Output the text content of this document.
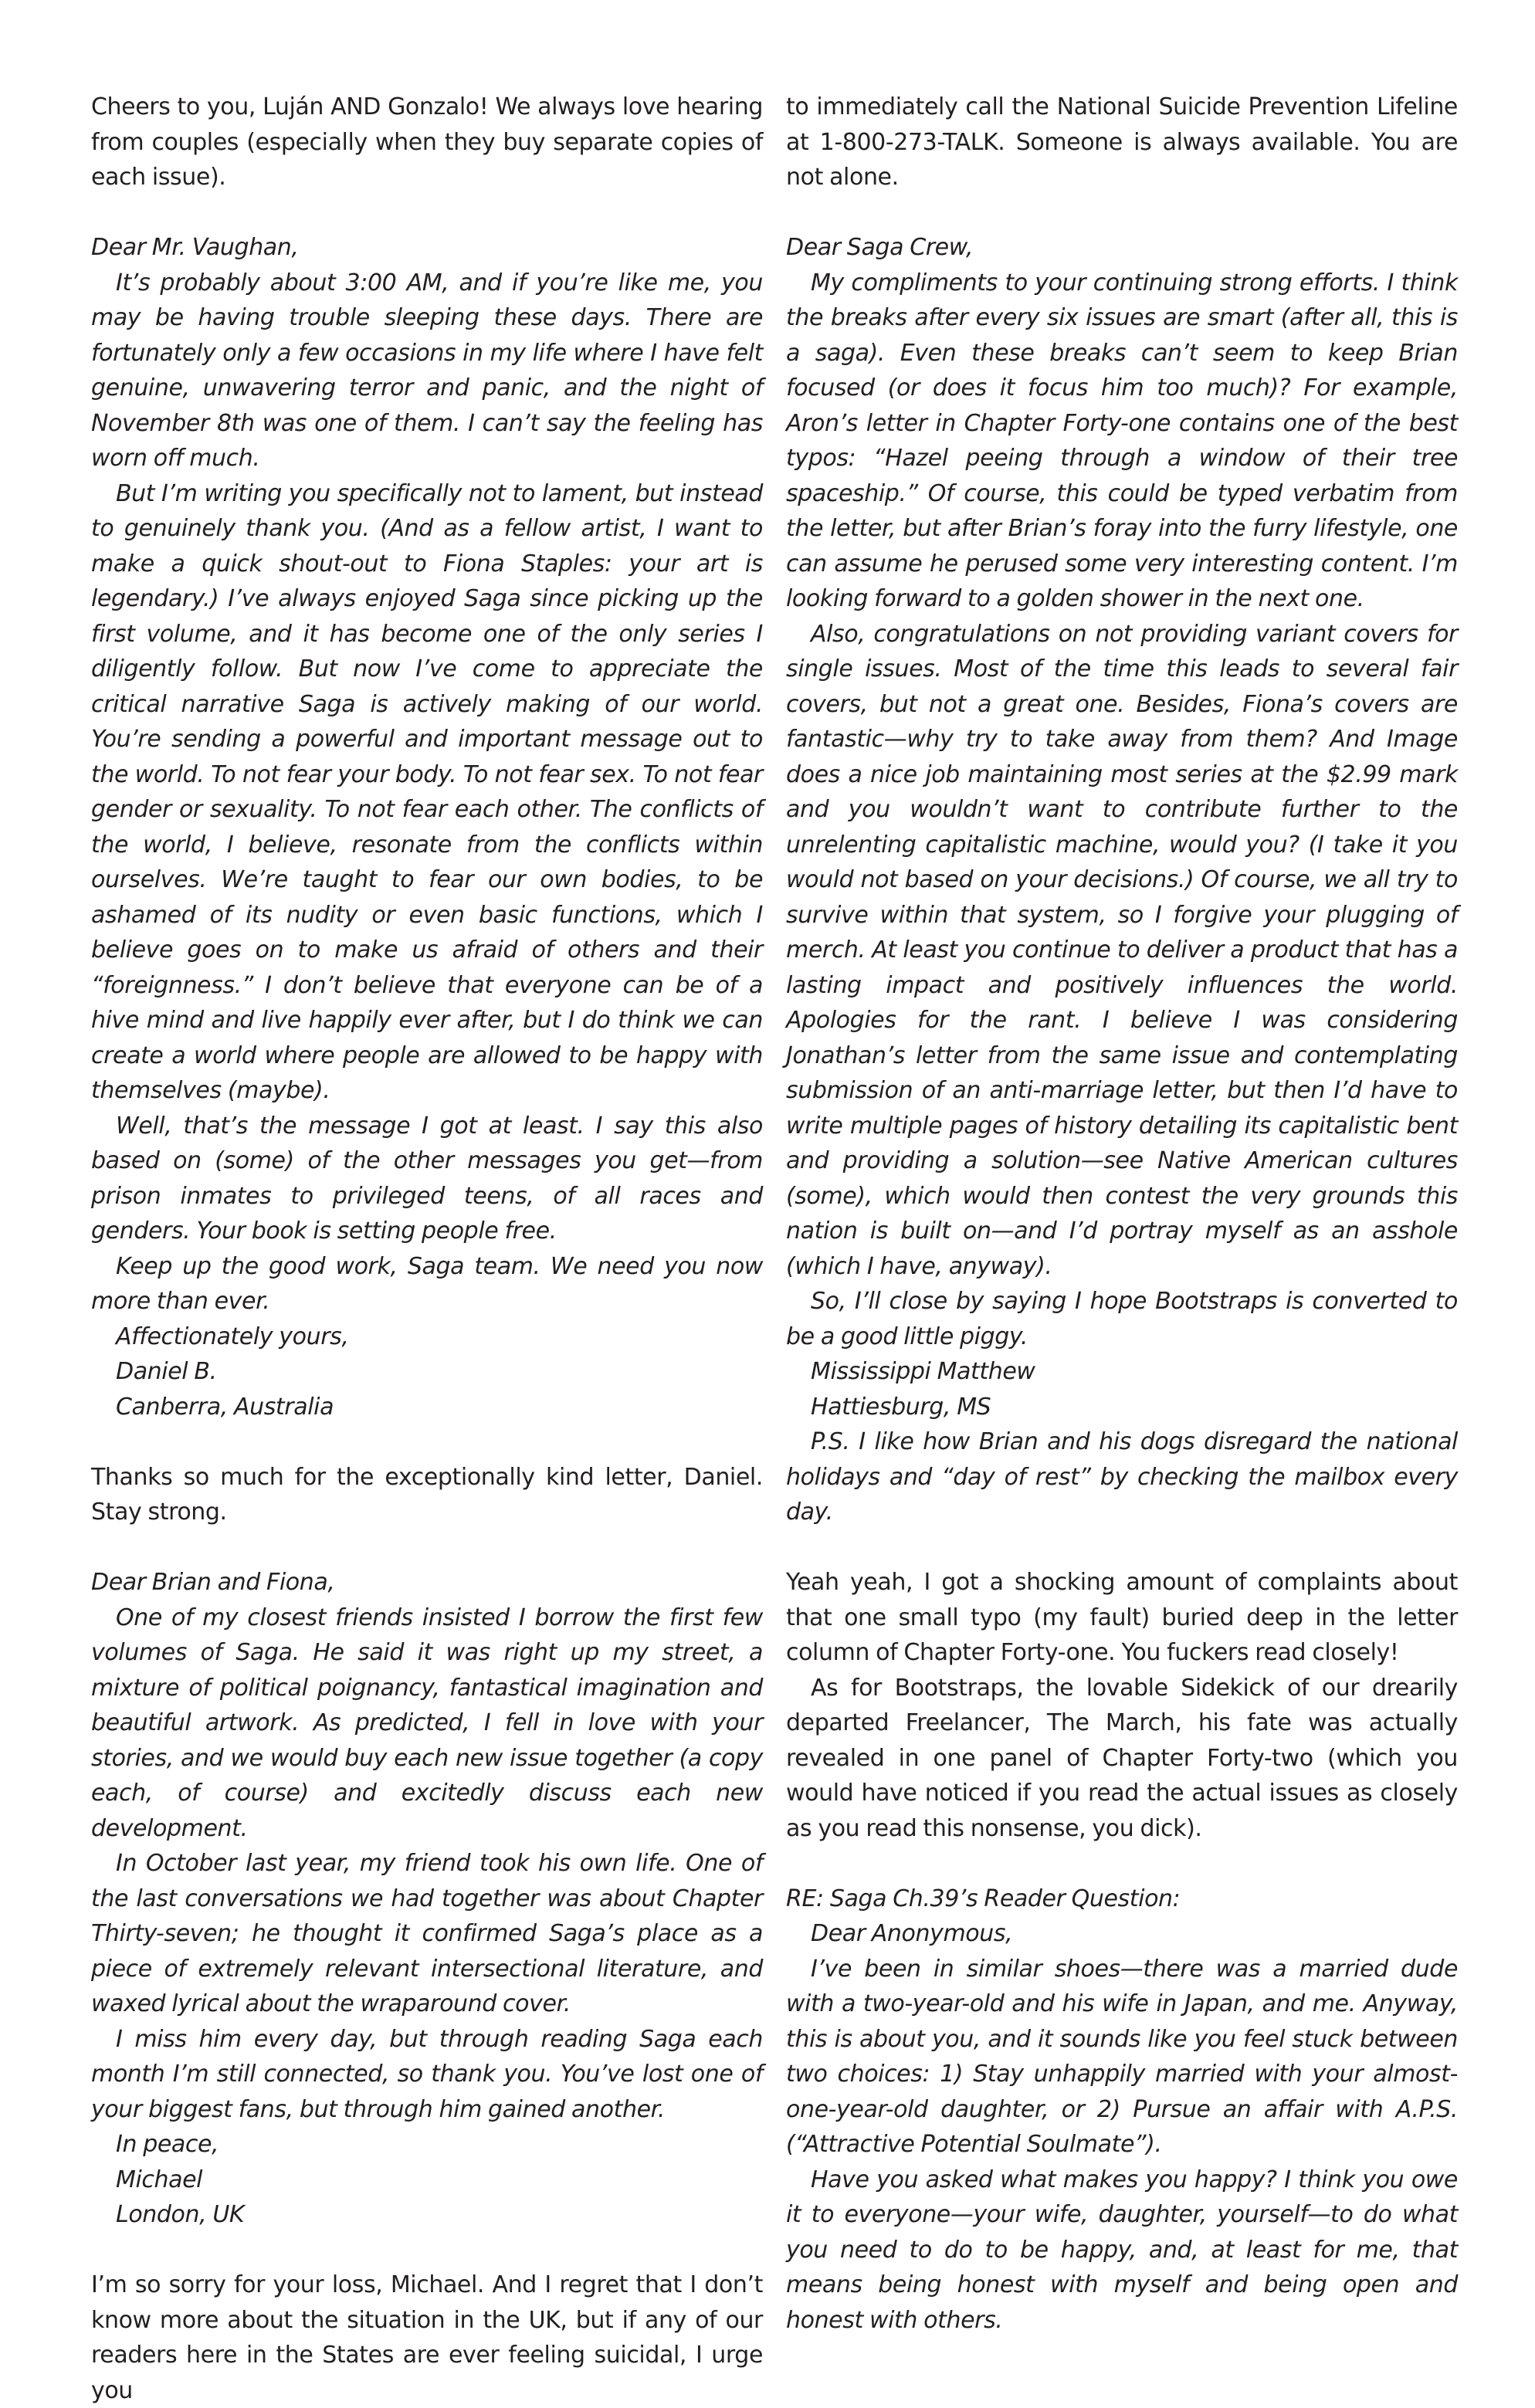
Cheers to you, Luján AND Gonzalo! We always love hearing from couples (especially when they buy separate copies of each issue).

Dear Mr. Vaughan,

It’s probably about 3:00 AM, and if you’re like me, you may be having trouble sleeping these days. There are fortunately only a few occasions in my life where I have felt genuine, unwavering terror and panic, and the night of November 8th was one of them. I can’t say the feeling has worn off much.

But I’m writing you specifically not to lament, but instead to genuinely thank you. (And as a fellow artist, I want to make a quick shout-out to Fiona Staples: your art is legendary.) I’ve always enjoyed Saga since picking up the first volume, and it has become one of the only series I diligently follow. But now I’ve come to appreciate the critical narrative Saga is actively making of our world. You’re sending a powerful and important message out to the world. To not fear your body. To not fear sex. To not fear gender or sexuality. To not fear each other. The conflicts of the world, I believe, resonate from the conflicts within ourselves. We’re taught to fear our own bodies, to be ashamed of its nudity or even basic functions, which I believe goes on to make us afraid of others and their “foreignness.” I don’t believe that everyone can be of a hive mind and live happily ever after, but I do think we can create a world where people are allowed to be happy with themselves (maybe).

Well, that’s the message I got at least. I say this also based on (some) of the other messages you get—from prison inmates to privileged teens, of all races and genders. Your book is setting people free.

Keep up the good work, Saga team. We need you now more than ever.

Affectionately yours,

Daniel B.

Canberra, Australia

Thanks so much for the exceptionally kind letter, Daniel. Stay strong.

Dear Brian and Fiona,

One of my closest friends insisted I borrow the first few volumes of Saga. He said it was right up my street, a mixture of political poignancy, fantastical imagination and beautiful artwork. As predicted, I fell in love with your stories, and we would buy each new issue together (a copy each, of course) and excitedly discuss each new development.

In October last year, my friend took his own life. One of the last conversations we had together was about Chapter Thirty-seven; he thought it confirmed Saga’s place as a piece of extremely relevant intersectional literature, and waxed lyrical about the wraparound cover.

I miss him every day, but through reading Saga each month I’m still connected, so thank you. You’ve lost one of your biggest fans, but through him gained another.

In peace,

Michael

London, UK

I’m so sorry for your loss, Michael. And I regret that I don’t know more about the situation in the UK, but if any of our readers here in the States are ever feeling suicidal, I urge you

to immediately call the National Suicide Prevention Lifeline at 1-800-273-TALK. Someone is always available. You are not alone.

Dear Saga Crew,

My compliments to your continuing strong efforts. I think the breaks after every six issues are smart (after all, this is a saga). Even these breaks can’t seem to keep Brian focused (or does it focus him too much)? For example, Aron’s letter in Chapter Forty-one contains one of the best typos: “Hazel peeing through a window of their tree spaceship.” Of course, this could be typed verbatim from the letter, but after Brian’s foray into the furry lifestyle, one can assume he perused some very interesting content. I’m looking forward to a golden shower in the next one.

Also, congratulations on not providing variant covers for single issues. Most of the time this leads to several fair covers, but not a great one. Besides, Fiona’s covers are fantastic—why try to take away from them? And Image does a nice job maintaining most series at the $2.99 mark and you wouldn’t want to contribute further to the unrelenting capitalistic machine, would you? (I take it you would not based on your decisions.) Of course, we all try to survive within that system, so I forgive your plugging of merch. At least you continue to deliver a product that has a lasting impact and positively influences the world. Apologies for the rant. I believe I was considering Jonathan’s letter from the same issue and contemplating submission of an anti-marriage letter, but then I’d have to write multiple pages of history detailing its capitalistic bent and providing a solution—see Native American cultures (some), which would then contest the very grounds this nation is built on—and I’d portray myself as an asshole (which I have, anyway).

So, I’ll close by saying I hope Bootstraps is converted to be a good little piggy.

Mississippi Matthew

Hattiesburg, MS

P.S. I like how Brian and his dogs disregard the national holidays and “day of rest” by checking the mailbox every day.

Yeah yeah, I got a shocking amount of complaints about that one small typo (my fault) buried deep in the letter column of Chapter Forty-one. You fuckers read closely!

As for Bootstraps, the lovable Sidekick of our drearily departed Freelancer, The March, his fate was actually revealed in one panel of Chapter Forty-two (which you would have noticed if you read the actual issues as closely as you read this nonsense, you dick).

RE: Saga Ch.39’s Reader Question:

Dear Anonymous,

I’ve been in similar shoes—there was a married dude with a two-year-old and his wife in Japan, and me. Anyway, this is about you, and it sounds like you feel stuck between two choices: 1) Stay unhappily married with your almost-one-year-old daughter, or 2) Pursue an affair with A.P.S. (“Attractive Potential Soulmate”).

Have you asked what makes you happy? I think you owe it to everyone—your wife, daughter, yourself—to do what you need to do to be happy, and, at least for me, that means being honest with myself and being open and honest with others.
